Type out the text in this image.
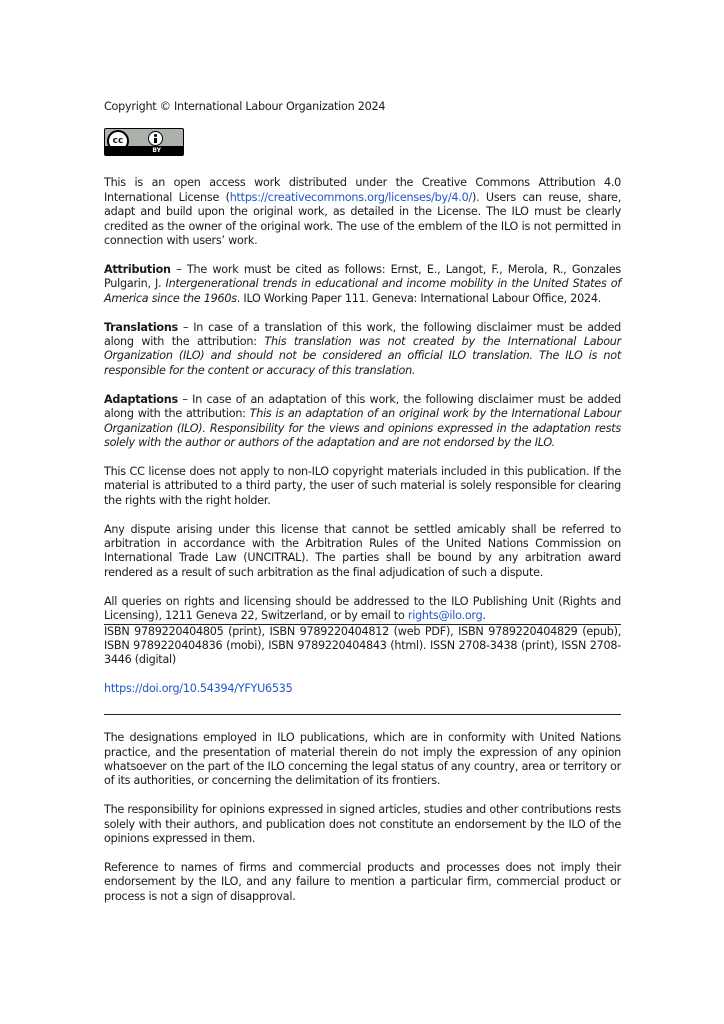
Copyright © International Labour Organization 2024

cc
BY

This is an open access work distributed under the Creative Commons Attribution 4.0 International License (https://creativecommons.org/licenses/by/4.0/). Users can reuse, share, adapt and build upon the original work, as detailed in the License. The ILO must be clearly credited as the owner of the original work. The use of the emblem of the ILO is not permitted in connection with users’ work.

Attribution – The work must be cited as follows: Ernst, E., Langot, F., Merola, R., Gonzales Pulgarin, J. Intergenerational trends in educational and income mobility in the United States of America since the 1960s. ILO Working Paper 111. Geneva: International Labour Office, 2024.

Translations – In case of a translation of this work, the following disclaimer must be added along with the attribution: This translation was not created by the International Labour Organization (ILO) and should not be considered an official ILO translation. The ILO is not responsible for the content or accuracy of this translation.

Adaptations – In case of an adaptation of this work, the following disclaimer must be added along with the attribution: This is an adaptation of an original work by the International Labour Organization (ILO). Responsibility for the views and opinions expressed in the adaptation rests solely with the author or authors of the adaptation and are not endorsed by the ILO.

This CC license does not apply to non-ILO copyright materials included in this publication. If the material is attributed to a third party, the user of such material is solely responsible for clearing the rights with the right holder.

Any dispute arising under this license that cannot be settled amicably shall be referred to arbitration in accordance with the Arbitration Rules of the United Nations Commission on International Trade Law (UNCITRAL). The parties shall be bound by any arbitration award rendered as a result of such arbitration as the final adjudication of such a dispute.

All queries on rights and licensing should be addressed to the ILO Publishing Unit (Rights and Licensing), 1211 Geneva 22, Switzerland, or by email to rights@ilo.org.

ISBN 9789220404805 (print), ISBN 9789220404812 (web PDF), ISBN 9789220404829 (epub), ISBN 9789220404836 (mobi), ISBN 9789220404843 (html). ISSN 2708-3438 (print), ISSN 2708-3446 (digital)

https://doi.org/10.54394/YFYU6535

The designations employed in ILO publications, which are in conformity with United Nations practice, and the presentation of material therein do not imply the expression of any opinion whatsoever on the part of the ILO concerning the legal status of any country, area or territory or of its authorities, or concerning the delimitation of its frontiers.

The responsibility for opinions expressed in signed articles, studies and other contributions rests solely with their authors, and publication does not constitute an endorsement by the ILO of the opinions expressed in them.

Reference to names of firms and commercial products and processes does not imply their endorsement by the ILO, and any failure to mention a particular firm, commercial product or process is not a sign of disapproval.
